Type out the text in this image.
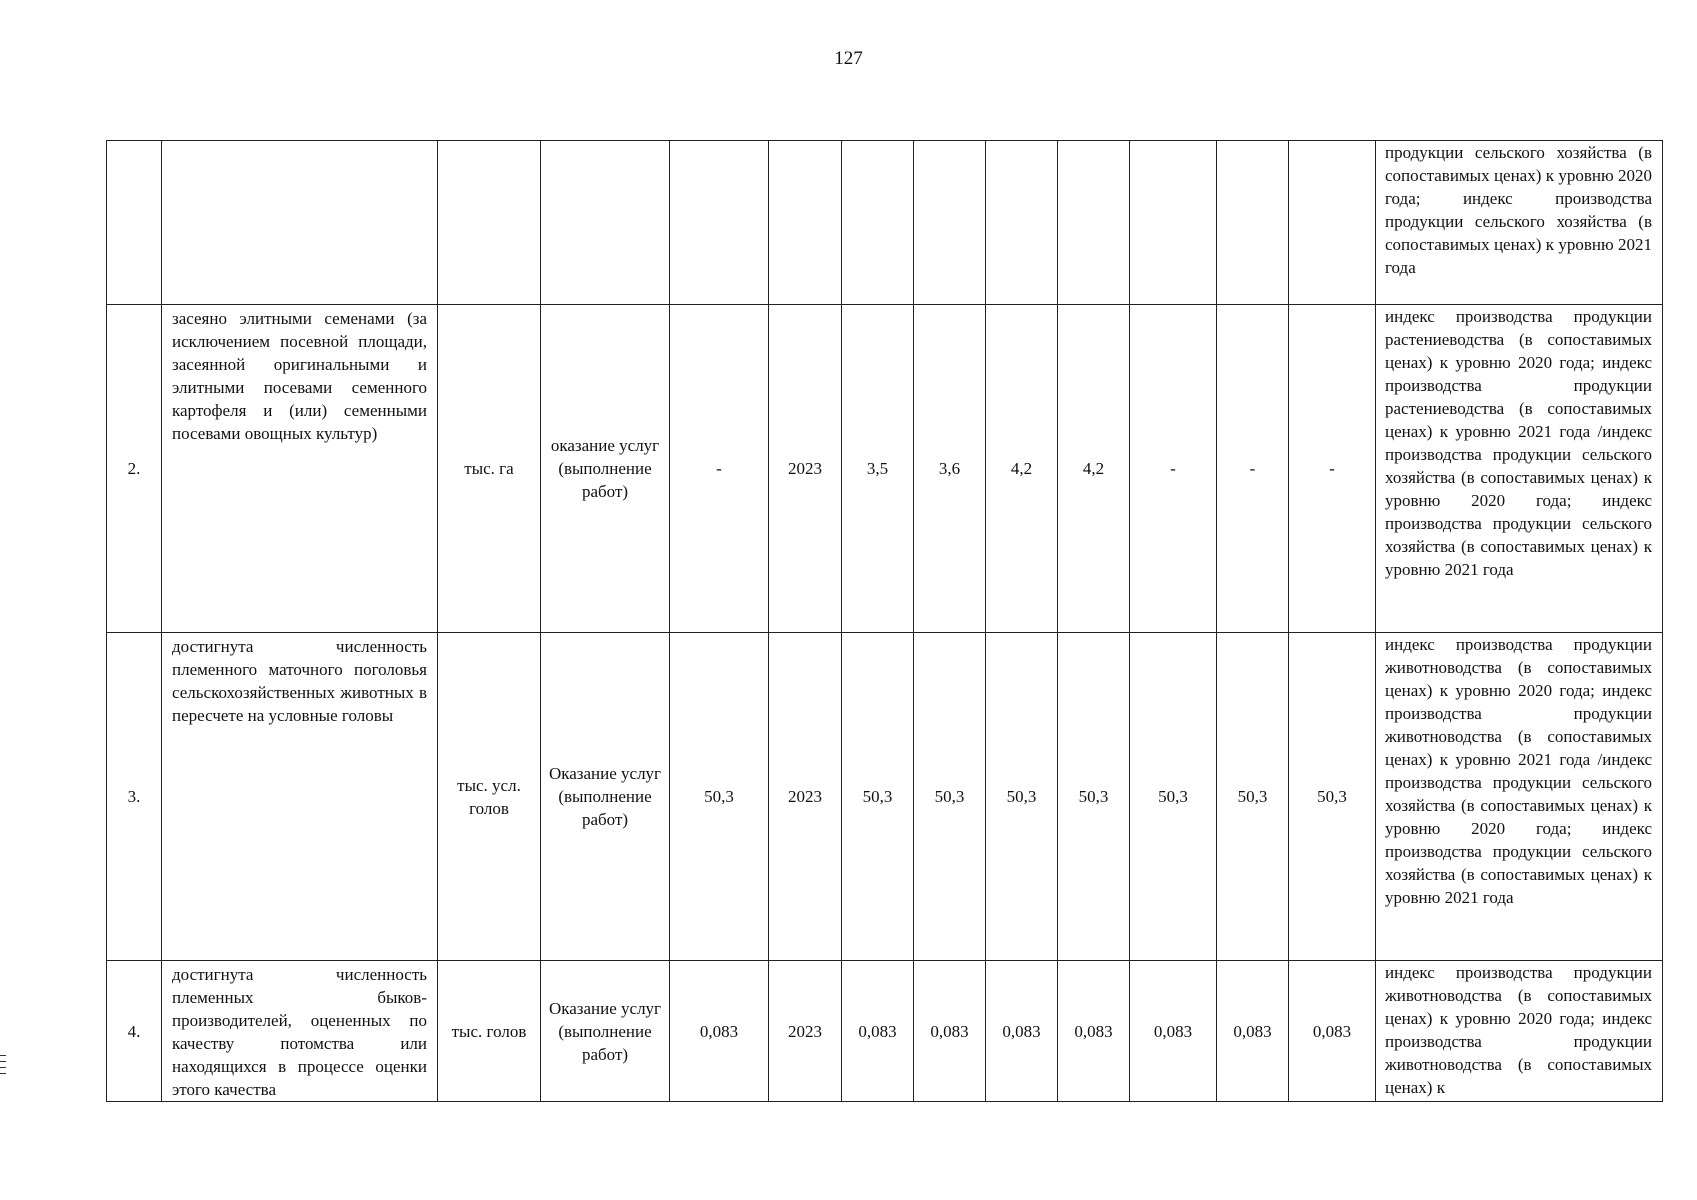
127
													продукции сельского хозяйства (в сопоставимых ценах) к уровню 2020 года; индекс производства продукции сельского хозяйства (в сопоставимых ценах) к уровню 2021 года
2.	засеяно элитными семенами (за исключением посевной площади, засеянной оригинальными и элитными посевами семенного картофеля и (или) семенными посевами овощных культур)	тыс. га	оказание услуг (выполнение работ)	-	2023	3,5	3,6	4,2	4,2	-	-	-	индекс производства продукции растениеводства (в сопоставимых ценах) к уровню 2020 года; индекс производства продукции растениеводства (в сопоставимых ценах) к уровню 2021 года /индекс производства продукции сельского хозяйства (в сопоставимых ценах) к уровню 2020 года; индекс производства продукции сельского хозяйства (в сопоставимых ценах) к уровню 2021 года
3.	достигнута численность племенного маточного поголовья сельскохозяйственных животных в пересчете на условные головы	тыс. усл. голов	Оказание услуг (выполнение работ)	50,3	2023	50,3	50,3	50,3	50,3	50,3	50,3	50,3	индекс производства продукции животноводства (в сопоставимых ценах) к уровню 2020 года; индекс производства продукции животноводства (в сопоставимых ценах) к уровню 2021 года /индекс производства продукции сельского хозяйства (в сопоставимых ценах) к уровню 2020 года; индекс производства продукции сельского хозяйства (в сопоставимых ценах) к уровню 2021 года
4.	достигнута численность племенных быков-производителей, оцененных по качеству потомства или находящихся в процессе оценки этого качества	тыс. голов	Оказание услуг (выполнение работ)	0,083	2023	0,083	0,083	0,083	0,083	0,083	0,083	0,083	индекс производства продукции животноводства (в сопоставимых ценах) к уровню 2020 года; индекс производства продукции животноводства (в сопоставимых ценах) к
